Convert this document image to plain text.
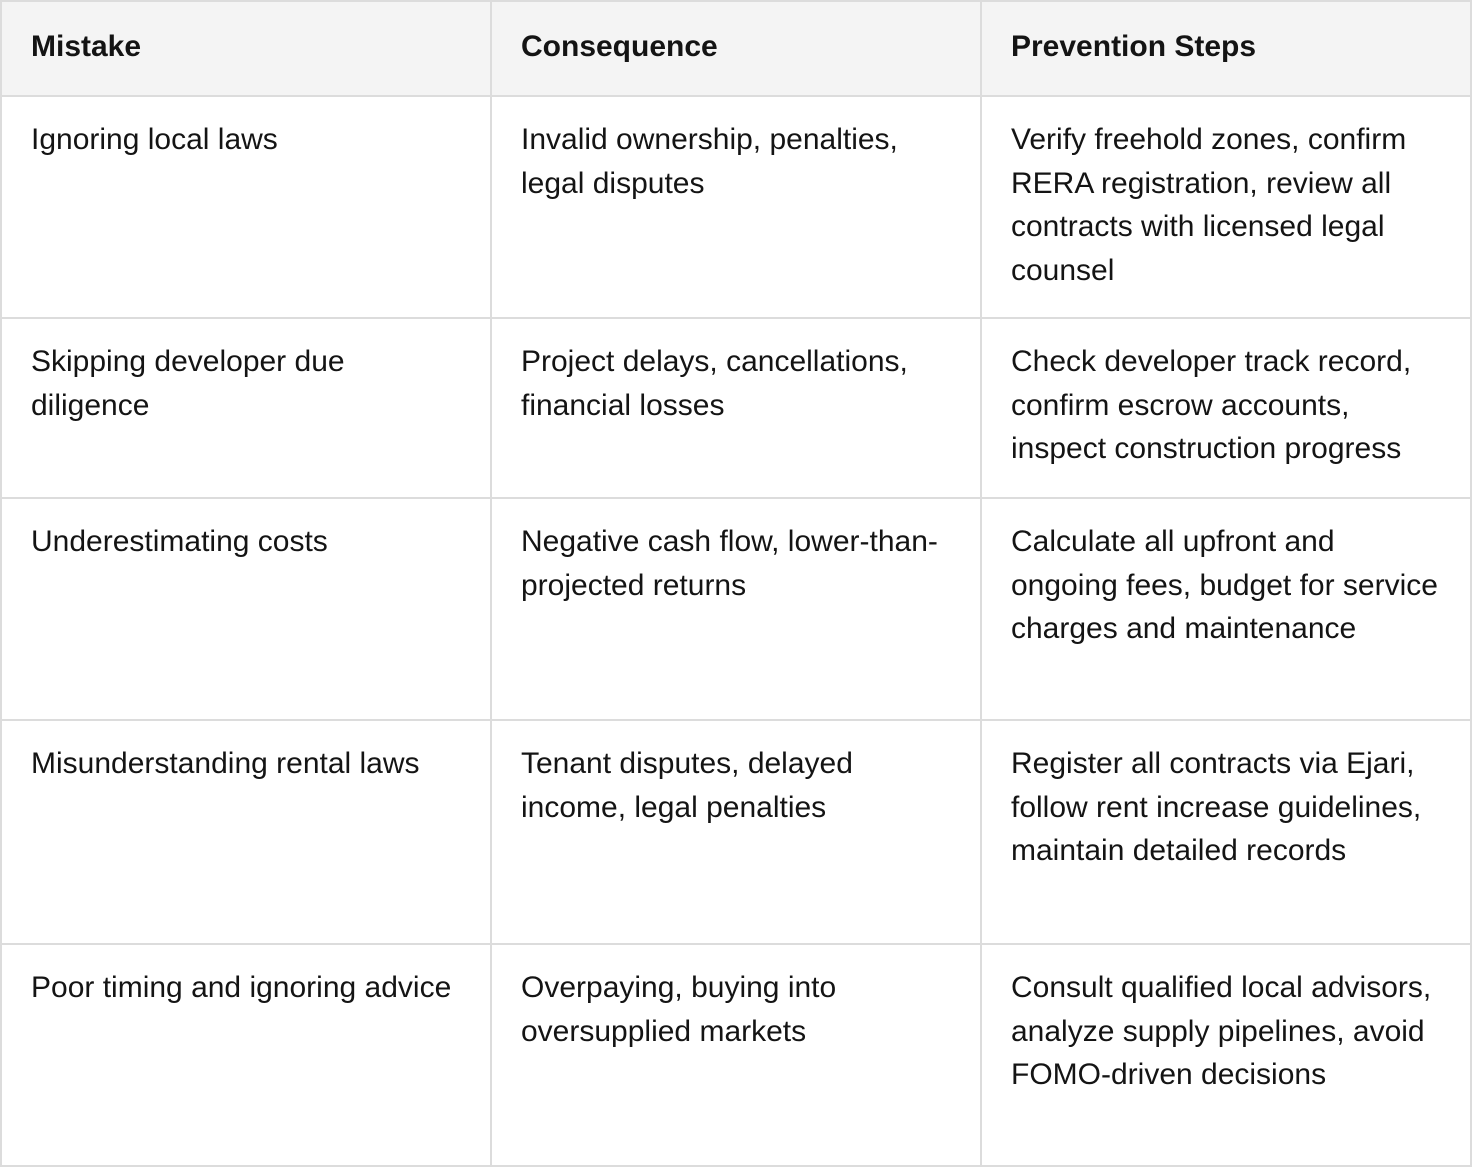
Mistake	Consequence	Prevention Steps
Ignoring local laws	Invalid ownership, penalties, legal disputes	Verify freehold zones, confirm RERA registration, review all contracts with licensed legal counsel
Skipping developer due diligence	Project delays, cancellations, financial losses	Check developer track record, confirm escrow accounts, inspect construction progress
Underestimating costs	Negative cash flow, lower-than-projected returns	Calculate all upfront and ongoing fees, budget for service charges and maintenance
Misunderstanding rental laws	Tenant disputes, delayed income, legal penalties	Register all contracts via Ejari, follow rent increase guidelines, maintain detailed records
Poor timing and ignoring advice	Overpaying, buying into oversupplied markets	Consult qualified local advisors, analyze supply pipelines, avoid FOMO-driven decisions
